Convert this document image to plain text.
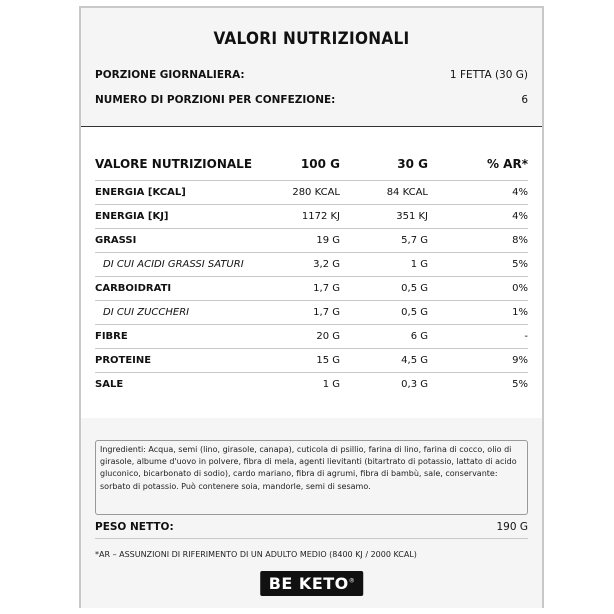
VALORI NUTRIZIONALI
PORZIONE GIORNALIERA:	1 FETTA (30 G)
NUMERO DI PORZIONI PER CONFEZIONE:	6
VALORE NUTRIZIONALE	100 G	30 G	% AR*
ENERGIA [KCAL]	280 KCAL	84 KCAL	4%
ENERGIA [KJ]	1172 KJ	351 KJ	4%
GRASSI	19 G	5,7 G	8%
DI CUI ACIDI GRASSI SATURI	3,2 G	1 G	5%
CARBOIDRATI	1,7 G	0,5 G	0%
DI CUI ZUCCHERI	1,7 G	0,5 G	1%
FIBRE	20 G	6 G	-
PROTEINE	15 G	4,5 G	9%
SALE	1 G	0,3 G	5%
Ingredienti: Acqua, semi (lino, girasole, canapa), cuticola di psillio, farina di lino, farina di cocco, olio di girasole, albume d'uovo in polvere, fibra di mela, agenti lievitanti (bitartrato di potassio, lattato di acido gluconico, bicarbonato di sodio), cardo mariano, fibra di agrumi, fibra di bambù, sale, conservante: sorbato di potassio. Può contenere soia, mandorle, semi di sesamo.
PESO NETTO:	190 G
*AR – ASSUNZIONI DI RIFERIMENTO DI UN ADULTO MEDIO (8400 KJ / 2000 KCAL)
BE KETO®
